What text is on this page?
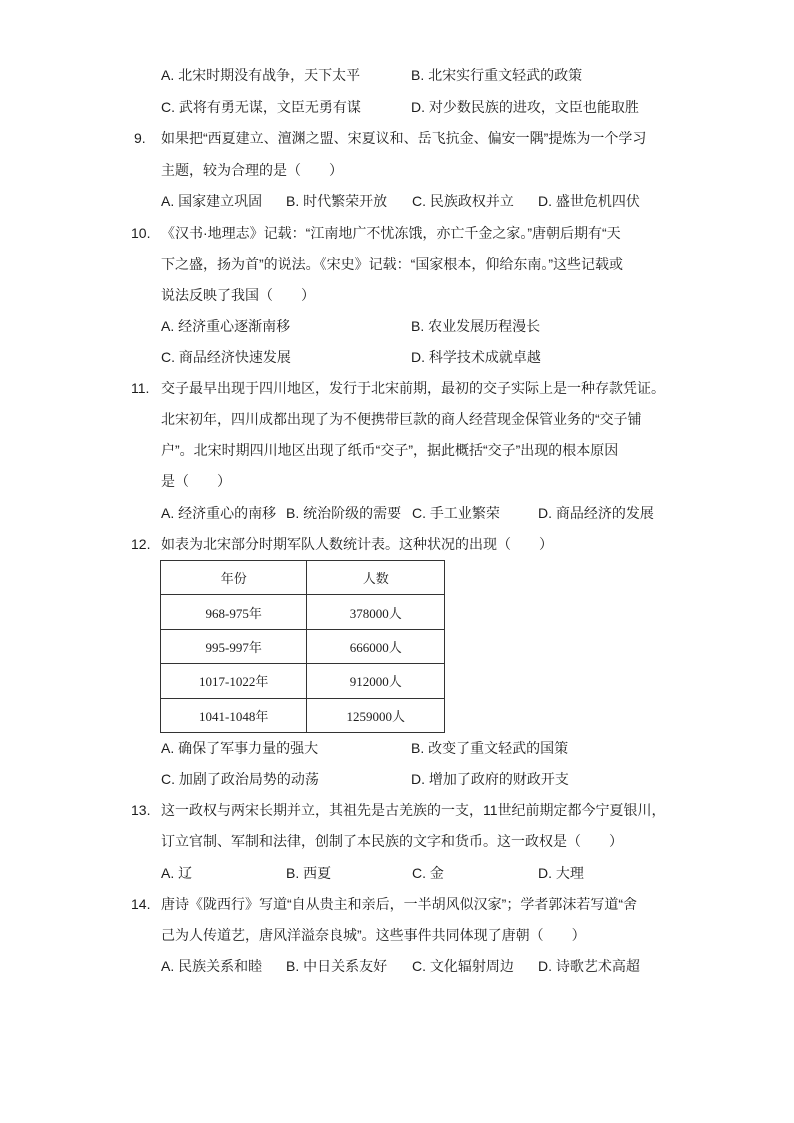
A. 北宋时期没有战争，天下太平	B. 北宋实行重文轻武的政策
C. 武将有勇无谋，文臣无勇有谋	D. 对少数民族的进攻，文臣也能取胜
9. 如果把“西夏建立、澶渊之盟、宋夏议和、岳飞抗金、偏安一隅”提炼为一个学习
主题，较为合理的是（　　）
A. 国家建立巩固 B. 时代繁荣开放 C. 民族政权并立 D. 盛世危机四伏
10. 《汉书·地理志》记载：“江南地广不忧冻饿，亦亡千金之家。”唐朝后期有“天
下之盛，扬为首”的说法。《宋史》记载：“国家根本，仰给东南。”这些记载或
说法反映了我国（　　）
A. 经济重心逐渐南移	B. 农业发展历程漫长
C. 商品经济快速发展	D. 科学技术成就卓越
11. 交子最早出现于四川地区，发行于北宋前期，最初的交子实际上是一种存款凭证。
北宋初年，四川成都出现了为不便携带巨款的商人经营现金保管业务的“交子铺
户”。北宋时期四川地区出现了纸币“交子”，据此概括“交子”出现的根本原因
是（　　）
A. 经济重心的南移 B. 统治阶级的需要 C. 手工业繁荣	D. 商品经济的发展
12. 如表为北宋部分时期军队人数统计表。这种状况的出现（　　）
年份	人数
968-975年	378000人
995-997年	666000人
1017-1022年	912000人
1041-1048年	1259000人
A. 确保了军事力量的强大	B. 改变了重文轻武的国策
C. 加剧了政治局势的动荡	D. 增加了政府的财政开支
13. 这一政权与两宋长期并立，其祖先是古羌族的一支，11世纪前期定都今宁夏银川，
订立官制、军制和法律，创制了本民族的文字和货币。这一政权是（　　）
A. 辽	B. 西夏	C. 金	D. 大理
14. 唐诗《陇西行》写道“自从贵主和亲后，一半胡风似汉家”；学者郭沫若写道“舍
己为人传道艺，唐风洋溢奈良城”。这些事件共同体现了唐朝（　　）
A. 民族关系和睦 B. 中日关系友好 C. 文化辐射周边 D. 诗歌艺术高超
